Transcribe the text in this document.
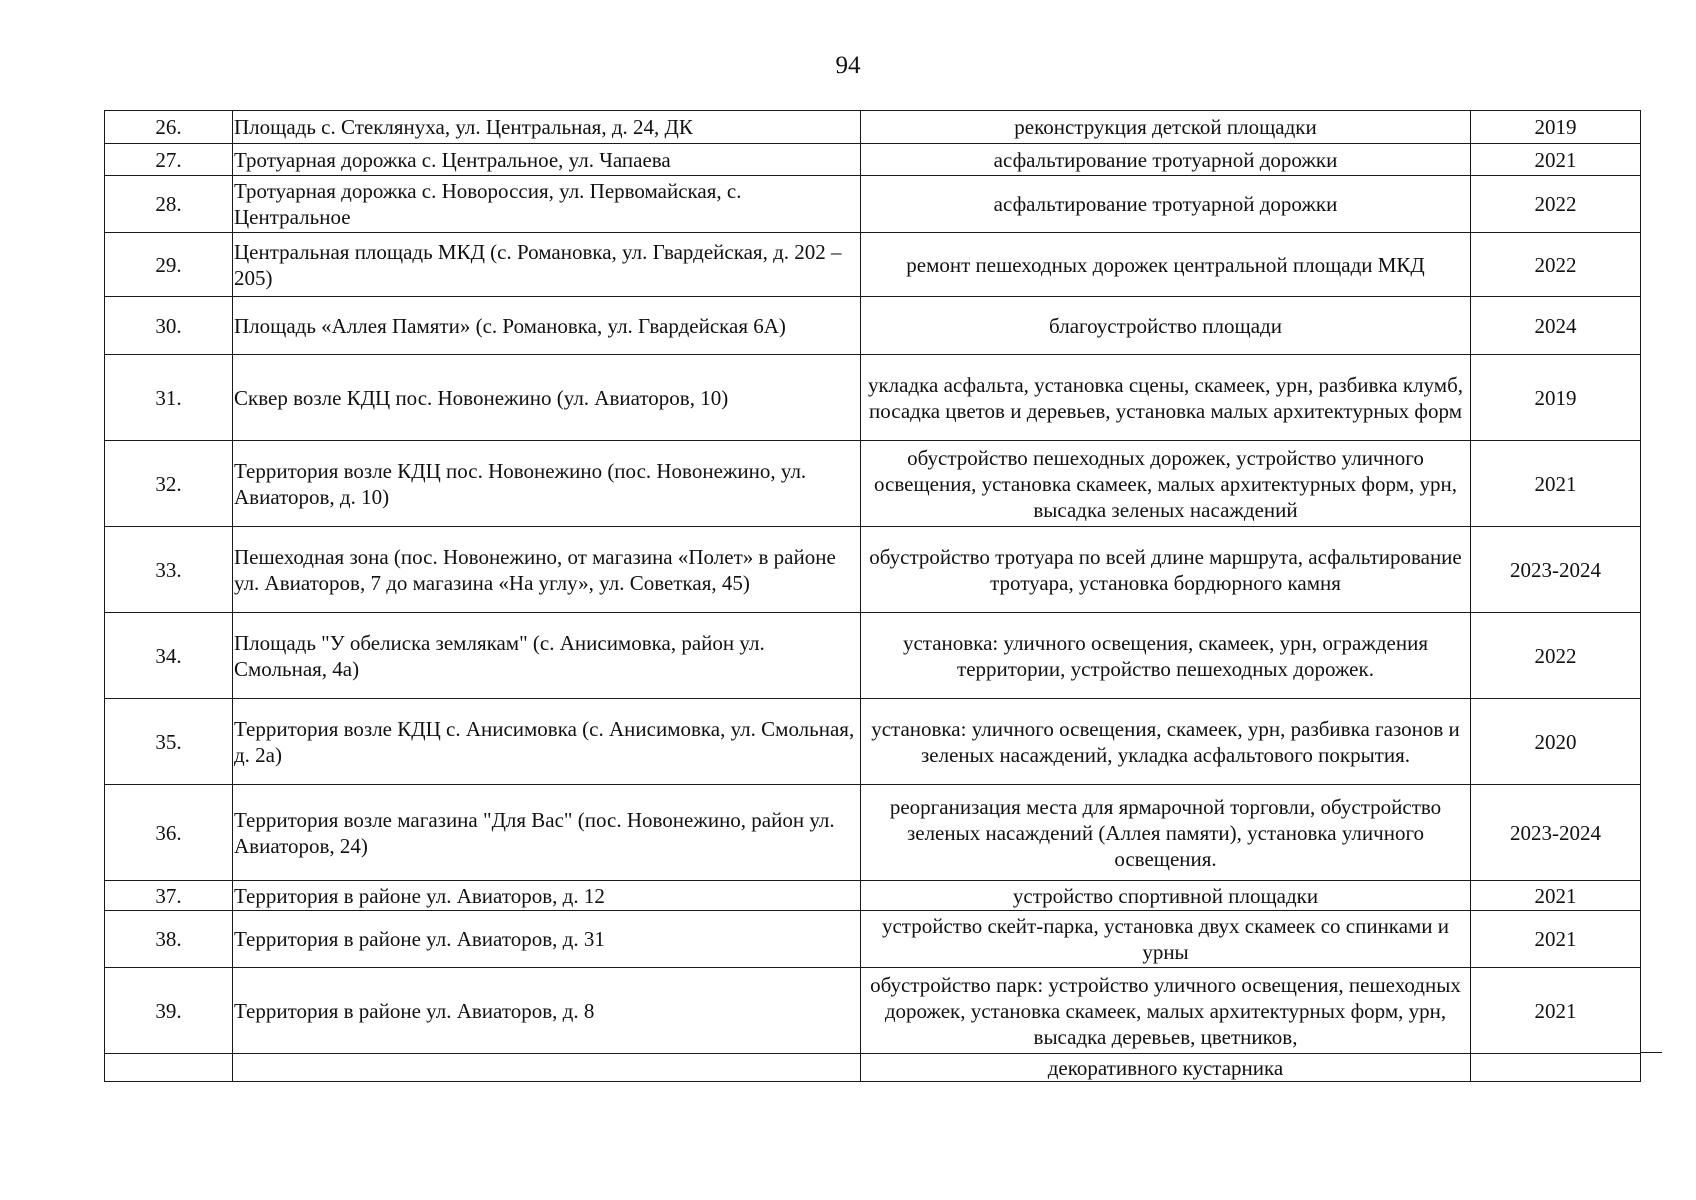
94
26.	Площадь с. Стеклянуха, ул. Центральная, д. 24, ДК	реконструкция детской площадки	2019
27.	Тротуарная дорожка с. Центральное, ул. Чапаева	асфальтирование тротуарной дорожки	2021
28.	Тротуарная дорожка с. Новороссия, ул. Первомайская, с. Центральное	асфальтирование тротуарной дорожки	2022
29.	Центральная площадь МКД (с. Романовка, ул. Гвардейская, д. 202 – 205)	ремонт пешеходных дорожек центральной площади МКД	2022
30.	Площадь «Аллея Памяти» (с. Романовка, ул. Гвардейская 6А)	благоустройство площади	2024
31.	Сквер возле КДЦ пос. Новонежино (ул. Авиаторов, 10)	укладка асфальта, установка сцены, скамеек, урн, разбивка клумб, посадка цветов и деревьев, установка малых архитектурных форм	2019
32.	Территория возле КДЦ пос. Новонежино (пос. Новонежино, ул. Авиаторов, д. 10)	обустройство пешеходных дорожек, устройство уличного освещения, установка скамеек, малых архитектурных форм, урн, высадка зеленых насаждений	2021
33.	Пешеходная зона (пос. Новонежино, от магазина «Полет» в районе ул. Авиаторов, 7 до магазина «На углу», ул. Советкая, 45)	обустройство тротуара по всей длине маршрута, асфальтирование тротуара, установка бордюрного камня	2023-2024
34.	Площадь "У обелиска землякам" (с. Анисимовка, район ул. Смольная, 4а)	установка: уличного освещения, скамеек, урн, ограждения территории, устройство пешеходных дорожек.	2022
35.	Территория возле КДЦ с. Анисимовка (с. Анисимовка, ул. Смольная, д. 2а)	установка: уличного освещения, скамеек, урн, разбивка газонов и зеленых насаждений, укладка асфальтового покрытия.	2020
36.	Территория возле магазина "Для Вас" (пос. Новонежино, район ул. Авиаторов, 24)	реорганизация места для ярмарочной торговли, обустройство зеленых насаждений (Аллея памяти), установка уличного освещения.	2023-2024
37.	Территория в районе ул. Авиаторов, д. 12	устройство спортивной площадки	2021
38.	Территория в районе ул. Авиаторов, д. 31	устройство скейт-парка, установка двух скамеек со спинками и урны	2021
39.	Территория в районе ул. Авиаторов, д. 8	обустройство парк: устройство уличного освещения, пешеходных дорожек, установка скамеек, малых архитектурных форм, урн, высадка деревьев, цветников,	2021
		декоративного кустарника	
